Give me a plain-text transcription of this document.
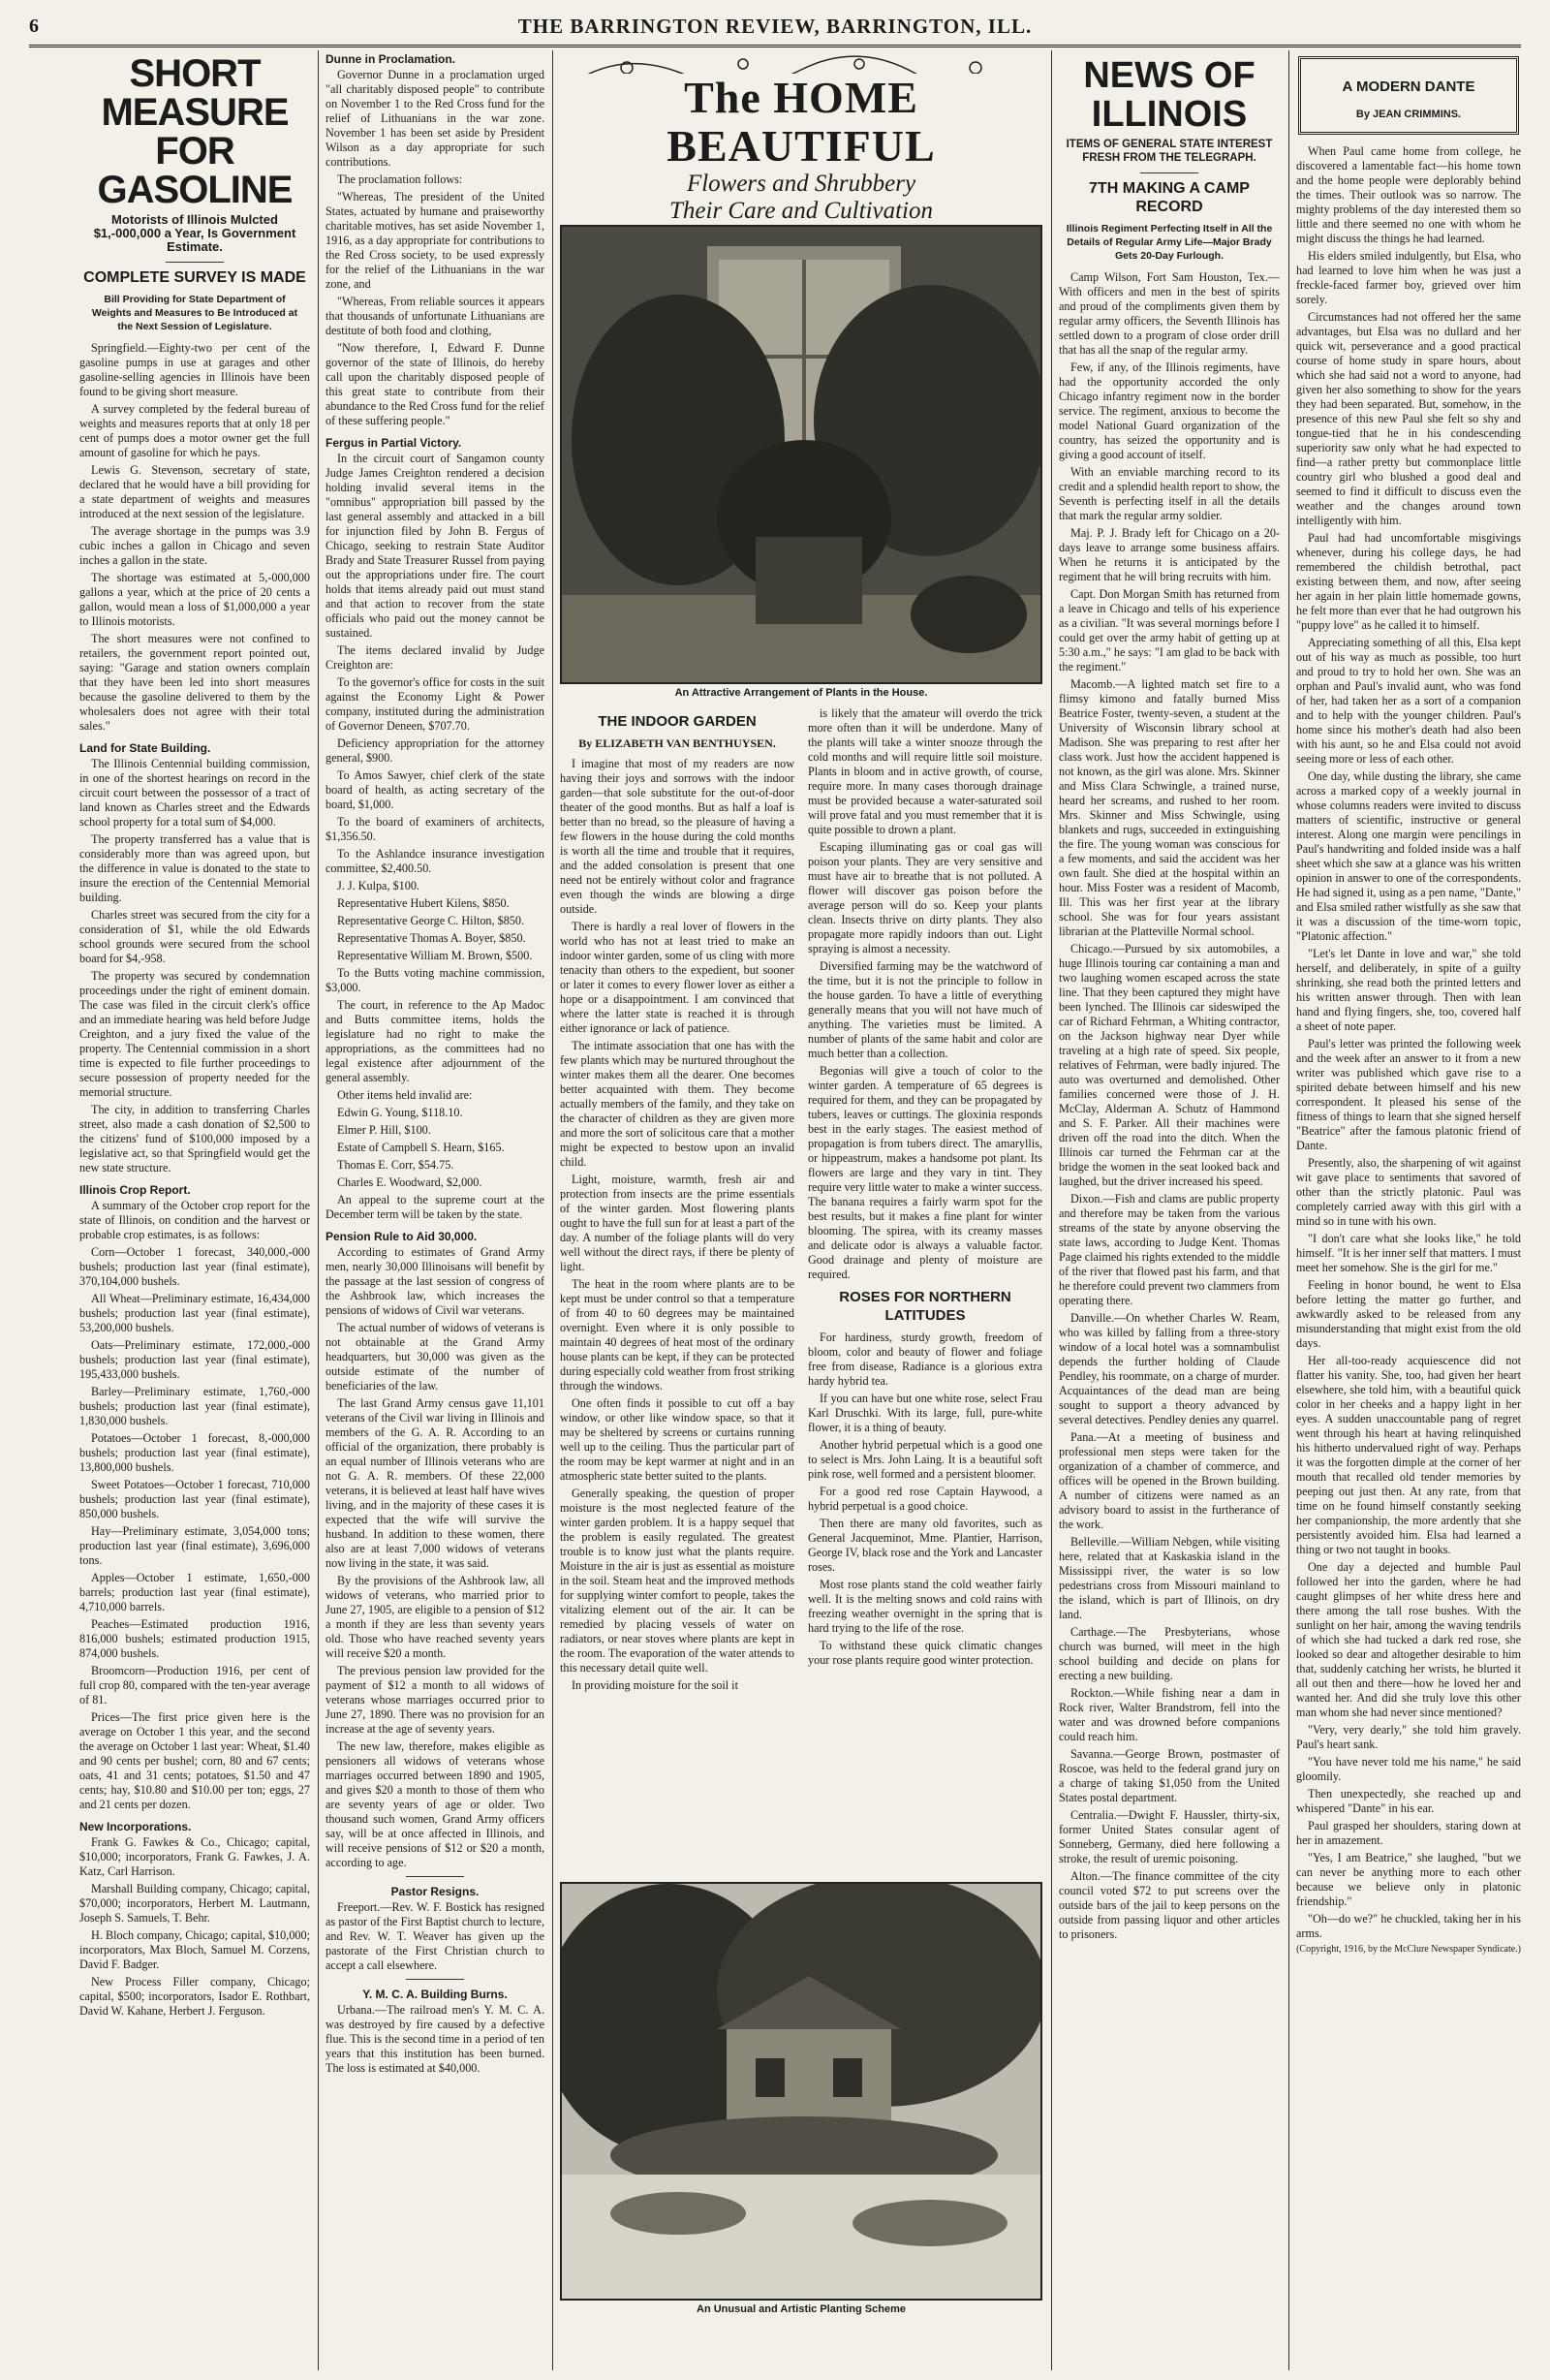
6	THE BARRINGTON REVIEW, BARRINGTON, ILL.
SHORT MEASURE
FOR GASOLINE
Motorists of Illinois Mulcted $1,-000,000 a Year, Is Government Estimate.
COMPLETE SURVEY IS MADE
Bill Providing for State Department of Weights and Measures to Be Introduced at the Next Session of Legislature.

Springfield.—Eighty-two per cent of the gasoline pumps in use at garages and other gasoline-selling agencies in Illinois have been found to be giving short measure.

A survey completed by the federal bureau of weights and measures reports that at only 18 per cent of pumps does a motor owner get the full amount of gasoline for which he pays.

Lewis G. Stevenson, secretary of state, declared that he would have a bill providing for a state department of weights and measures introduced at the next session of the legislature.

The average shortage in the pumps was 3.9 cubic inches a gallon in Chicago and seven inches a gallon in the state.

The shortage was estimated at 5,-000,000 gallons a year, which at the price of 20 cents a gallon, would mean a loss of $1,000,000 a year to Illinois motorists.

The short measures were not confined to retailers, the government report pointed out, saying: "Garage and station owners complain that they have been led into short measures because the gasoline delivered to them by the wholesalers does not agree with their total sales."

Land for State Building.

The Illinois Centennial building commission, in one of the shortest hearings on record in the circuit court between the possessor of a tract of land known as Charles street and the Edwards school property for a total sum of $4,000.

The property transferred has a value that is considerably more than was agreed upon, but the difference in value is donated to the state to insure the erection of the Centennial Memorial building.

Charles street was secured from the city for a consideration of $1, while the old Edwards school grounds were secured from the school board for $4,-958.

The property was secured by condemnation proceedings under the right of eminent domain. The case was filed in the circuit clerk's office and an immediate hearing was held before Judge Creighton, and a jury fixed the value of the property. The Centennial commission in a short time is expected to file further proceedings to secure possession of property needed for the memorial structure.

The city, in addition to transferring Charles street, also made a cash donation of $2,500 to the citizens' fund of $100,000 imposed by a legislative act, so that Springfield would get the new state structure.

Illinois Crop Report.

A summary of the October crop report for the state of Illinois, on condition and the harvest or probable crop estimates, is as follows:

Corn—October 1 forecast, 340,000,-000 bushels; production last year (final estimate), 370,104,000 bushels.

All Wheat—Preliminary estimate, 16,434,000 bushels; production last year (final estimate), 53,200,000 bushels.

Oats—Preliminary estimate, 172,000,-000 bushels; production last year (final estimate), 195,433,000 bushels.

Barley—Preliminary estimate, 1,760,-000 bushels; production last year (final estimate), 1,830,000 bushels.

Potatoes—October 1 forecast, 8,-000,000 bushels; production last year (final estimate), 13,800,000 bushels.

Sweet Potatoes—October 1 forecast, 710,000 bushels; production last year (final estimate), 850,000 bushels.

Hay—Preliminary estimate, 3,054,000 tons; production last year (final estimate), 3,696,000 tons.

Apples—October 1 estimate, 1,650,-000 barrels; production last year (final estimate), 4,710,000 barrels.

Peaches—Estimated production 1916, 816,000 bushels; estimated production 1915, 874,000 bushels.

Broomcorn—Production 1916, per cent of full crop 80, compared with the ten-year average of 81.

Prices—The first price given here is the average on October 1 this year, and the second the average on October 1 last year: Wheat, $1.40 and 90 cents per bushel; corn, 80 and 67 cents; oats, 41 and 31 cents; potatoes, $1.50 and 47 cents; hay, $10.80 and $10.00 per ton; eggs, 27 and 21 cents per dozen.

New Incorporations.

Frank G. Fawkes & Co., Chicago; capital, $10,000; incorporators, Frank G. Fawkes, J. A. Katz, Carl Harrison.

Marshall Building company, Chicago; capital, $70,000; incorporators, Herbert M. Lautmann, Joseph S. Samuels, T. Behr.

H. Bloch company, Chicago; capital, $10,000; incorporators, Max Bloch, Samuel M. Corzens, David F. Badger.

New Process Filler company, Chicago; capital, $500; incorporators, Isador E. Rothbart, David W. Kahane, Herbert J. Ferguson.

Dunne in Proclamation.

Governor Dunne in a proclamation urged "all charitably disposed people" to contribute on November 1 to the Red Cross fund for the relief of Lithuanians in the war zone. November 1 has been set aside by President Wilson as a day appropriate for such contributions.

The proclamation follows:

"Whereas, The president of the United States, actuated by humane and praiseworthy charitable motives, has set aside November 1, 1916, as a day appropriate for contributions to the Red Cross society, to be used expressly for the relief of the Lithuanians in the war zone, and

"Whereas, From reliable sources it appears that thousands of unfortunate Lithuanians are destitute of both food and clothing,

"Now therefore, I, Edward F. Dunne governor of the state of Illinois, do hereby call upon the charitably disposed people of this great state to contribute from their abundance to the Red Cross fund for the relief of these suffering people."

Fergus in Partial Victory.

In the circuit court of Sangamon county Judge James Creighton rendered a decision holding invalid several items in the "omnibus" appropriation bill passed by the last general assembly and attacked in a bill for injunction filed by John B. Fergus of Chicago, seeking to restrain State Auditor Brady and State Treasurer Russel from paying out the appropriations under fire. The court holds that items already paid out must stand and that action to recover from the state officials who paid out the money cannot be sustained.

The items declared invalid by Judge Creighton are:

To the governor's office for costs in the suit against the Economy Light & Power company, instituted during the administration of Governor Deneen, $707.70.

Deficiency appropriation for the attorney general, $900.

To Amos Sawyer, chief clerk of the state board of health, as acting secretary of the board, $1,000.

To the board of examiners of architects, $1,356.50.

To the Ashlandce insurance investigation committee, $2,400.50.

J. J. Kulpa, $100.

Representative Hubert Kilens, $850.

Representative George C. Hilton, $850.

Representative Thomas A. Boyer, $850.

Representative William M. Brown, $500.

To the Butts voting machine commission, $3,000.

The court, in reference to the Ap Madoc and Butts committee items, holds the legislature had no right to make the appropriations, as the committees had no legal existence after adjournment of the general assembly.

Other items held invalid are:

Edwin G. Young, $118.10.

Elmer P. Hill, $100.

Estate of Campbell S. Hearn, $165.

Thomas E. Corr, $54.75.

Charles E. Woodward, $2,000.

An appeal to the supreme court at the December term will be taken by the state.

Pension Rule to Aid 30,000.

According to estimates of Grand Army men, nearly 30,000 Illinoisans will benefit by the passage at the last session of congress of the Ashbrook law, which increases the pensions of widows of Civil war veterans.

The actual number of widows of veterans is not obtainable at the Grand Army headquarters, but 30,000 was given as the outside estimate of the number of beneficiaries of the law.

The last Grand Army census gave 11,101 veterans of the Civil war living in Illinois and members of the G. A. R. According to an official of the organization, there probably is an equal number of Illinois veterans who are not G. A. R. members. Of these 22,000 veterans, it is believed at least half have wives living, and in the majority of these cases it is expected that the wife will survive the husband. In addition to these women, there also are at least 7,000 widows of veterans now living in the state, it was said.

By the provisions of the Ashbrook law, all widows of veterans, who married prior to June 27, 1905, are eligible to a pension of $12 a month if they are less than seventy years old. Those who have reached seventy years will receive $20 a month.

The previous pension law provided for the payment of $12 a month to all widows of veterans whose marriages occurred prior to June 27, 1890. There was no provision for an increase at the age of seventy years.

The new law, therefore, makes eligible as pensioners all widows of veterans whose marriages occurred between 1890 and 1905, and gives $20 a month to those of them who are seventy years of age or older. Two thousand such women, Grand Army officers say, will be at once affected in Illinois, and will receive pensions of $12 or $20 a month, according to age.

Pastor Resigns.

Freeport.—Rev. W. F. Bostick has resigned as pastor of the First Baptist church to lecture, and Rev. W. T. Weaver has given up the pastorate of the First Christian church to accept a call elsewhere.

Y. M. C. A. Building Burns.

Urbana.—The railroad men's Y. M. C. A. was destroyed by fire caused by a defective flue. This is the second time in a period of ten years that this institution has been burned. The loss is estimated at $40,000.

The HOME BEAUTIFUL
Flowers and Shrubbery
Their Care and Cultivation
An Attractive Arrangement of Plants in the House.
THE INDOOR GARDEN
By ELIZABETH VAN BENTHUYSEN.

I imagine that most of my readers are now having their joys and sorrows with the indoor garden—that sole substitute for the out-of-door theater of the good months. But as half a loaf is better than no bread, so the pleasure of having a few flowers in the house during the cold months is worth all the time and trouble that it requires, and the added consolation is present that one need not be entirely without color and fragrance even though the winds are blowing a dirge outside.

There is hardly a real lover of flowers in the world who has not at least tried to make an indoor winter garden, some of us cling with more tenacity than others to the expedient, but sooner or later it comes to every flower lover as either a hope or a disappointment. I am convinced that where the latter state is reached it is through either ignorance or lack of patience.

The intimate association that one has with the few plants which may be nurtured throughout the winter makes them all the dearer. One becomes better acquainted with them. They become actually members of the family, and they take on the character of children as they are given more and more the sort of solicitous care that a mother might be expected to bestow upon an invalid child.

Light, moisture, warmth, fresh air and protection from insects are the prime essentials of the winter garden. Most flowering plants ought to have the full sun for at least a part of the day. A number of the foliage plants will do very well without the direct rays, if there be plenty of light.

The heat in the room where plants are to be kept must be under control so that a temperature of from 40 to 60 degrees may be maintained overnight. Even where it is only possible to maintain 40 degrees of heat most of the ordinary house plants can be kept, if they can be protected during especially cold weather from frost striking through the windows.

One often finds it possible to cut off a bay window, or other like window space, so that it may be sheltered by screens or curtains running well up to the ceiling. Thus the particular part of the room may be kept warmer at night and in an atmospheric state better suited to the plants.

Generally speaking, the question of proper moisture is the most neglected feature of the winter garden problem. It is a happy sequel that the problem is easily regulated. The greatest trouble is to know just what the plants require. Moisture in the air is just as essential as moisture in the soil. Steam heat and the improved methods for supplying winter comfort to people, takes the vitalizing element out of the air. It can be remedied by placing vessels of water on radiators, or near stoves where plants are kept in the room. The evaporation of the water attends to this necessary detail quite well.

In providing moisture for the soil it

is likely that the amateur will overdo the trick more often than it will be underdone. Many of the plants will take a winter snooze through the cold months and will require little soil moisture. Plants in bloom and in active growth, of course, require more. In many cases thorough drainage must be provided because a water-saturated soil will prove fatal and you must remember that it is quite possible to drown a plant.

Escaping illuminating gas or coal gas will poison your plants. They are very sensitive and must have air to breathe that is not polluted. A flower will discover gas poison before the average person will do so. Keep your plants clean. Insects thrive on dirty plants. They also propagate more rapidly indoors than out. Light spraying is almost a necessity.

Diversified farming may be the watchword of the time, but it is not the principle to follow in the house garden. To have a little of everything generally means that you will not have much of anything. The varieties must be limited. A number of plants of the same habit and color are much better than a collection.

Begonias will give a touch of color to the winter garden. A temperature of 65 degrees is required for them, and they can be propagated by tubers, leaves or cuttings. The gloxinia responds best in the early stages. The easiest method of propagation is from tubers direct. The amaryllis, or hippeastrum, makes a handsome pot plant. Its flowers are large and they vary in tint. They require very little water to make a winter success. The banana requires a fairly warm spot for the best results, but it makes a fine plant for winter blooming. The spirea, with its creamy masses and delicate odor is always a valuable factor. Good drainage and plenty of moisture are required.

ROSES FOR NORTHERN LATITUDES

For hardiness, sturdy growth, freedom of bloom, color and beauty of flower and foliage free from disease, Radiance is a glorious extra hardy hybrid tea.

If you can have but one white rose, select Frau Karl Druschki. With its large, full, pure-white flower, it is a thing of beauty.

Another hybrid perpetual which is a good one to select is Mrs. John Laing. It is a beautiful soft pink rose, well formed and a persistent bloomer.

For a good red rose Captain Haywood, a hybrid perpetual is a good choice.

Then there are many old favorites, such as General Jacqueminot, Mme. Plantier, Harrison, George IV, black rose and the York and Lancaster roses.

Most rose plants stand the cold weather fairly well. It is the melting snows and cold rains with freezing weather overnight in the spring that is hard trying to the life of the rose.

To withstand these quick climatic changes your rose plants require good winter protection.

An Unusual and Artistic Planting Scheme
NEWS OF ILLINOIS
ITEMS OF GENERAL STATE INTEREST FRESH FROM THE TELEGRAPH.
7TH MAKING A CAMP RECORD
Illinois Regiment Perfecting Itself in All the Details of Regular Army Life—Major Brady Gets 20-Day Furlough.

Camp Wilson, Fort Sam Houston, Tex.—With officers and men in the best of spirits and proud of the compliments given them by regular army officers, the Seventh Illinois has settled down to a program of close order drill that has all the snap of the regular army.

Few, if any, of the Illinois regiments, have had the opportunity accorded the only Chicago infantry regiment now in the border service. The regiment, anxious to become the model National Guard organization of the country, has seized the opportunity and is giving a good account of itself.

With an enviable marching record to its credit and a splendid health report to show, the Seventh is perfecting itself in all the details that mark the regular army soldier.

Maj. P. J. Brady left for Chicago on a 20-days leave to arrange some business affairs. When he returns it is anticipated by the regiment that he will bring recruits with him.

Capt. Don Morgan Smith has returned from a leave in Chicago and tells of his experience as a civilian. "It was several mornings before I could get over the army habit of getting up at 5:30 a.m.," he says: "I am glad to be back with the regiment."

Macomb.—A lighted match set fire to a flimsy kimono and fatally burned Miss Beatrice Foster, twenty-seven, a student at the University of Wisconsin library school at Madison. She was preparing to rest after her class work. Just how the accident happened is not known, as the girl was alone. Mrs. Skinner and Miss Clara Schwingle, a trained nurse, heard her screams, and rushed to her room. Mrs. Skinner and Miss Schwingle, using blankets and rugs, succeeded in extinguishing the fire. The young woman was conscious for a few moments, and said the accident was her own fault. She died at the hospital within an hour. Miss Foster was a resident of Macomb, Ill. This was her first year at the library school. She was for four years assistant librarian at the Platteville Normal school.

Chicago.—Pursued by six automobiles, a huge Illinois touring car containing a man and two laughing women escaped across the state line. That they been captured they might have been lynched. The Illinois car sideswiped the car of Richard Fehrman, a Whiting contractor, on the Jackson highway near Dyer while traveling at a high rate of speed. Six people, relatives of Fehrman, were badly injured. The auto was overturned and demolished. Other families concerned were those of J. H. McClay, Alderman A. Schutz of Hammond and S. F. Parker. All their machines were driven off the road into the ditch. When the Illinois car turned the Fehrman car at the bridge the women in the seat looked back and laughed, but the driver increased his speed.

Dixon.—Fish and clams are public property and therefore may be taken from the various streams of the state by anyone observing the state laws, according to Judge Kent. Thomas Page claimed his rights extended to the middle of the river that flowed past his farm, and that he therefore could prevent two clammers from operating there.

Danville.—On whether Charles W. Ream, who was killed by falling from a three-story window of a local hotel was a somnambulist depends the further holding of Claude Pendley, his roommate, on a charge of murder. Acquaintances of the dead man are being sought to support a theory advanced by several detectives. Pendley denies any quarrel.

Pana.—At a meeting of business and professional men steps were taken for the organization of a chamber of commerce, and offices will be opened in the Brown building. A number of citizens were named as an advisory board to assist in the furtherance of the work.

Belleville.—William Nebgen, while visiting here, related that at Kaskaskia island in the Mississippi river, the water is so low pedestrians cross from Missouri mainland to the island, which is part of Illinois, on dry land.

Carthage.—The Presbyterians, whose church was burned, will meet in the high school building and decide on plans for erecting a new building.

Rockton.—While fishing near a dam in Rock river, Walter Brandstrom, fell into the water and was drowned before companions could reach him.

Savanna.—George Brown, postmaster of Roscoe, was held to the federal grand jury on a charge of taking $1,050 from the United States postal department.

Centralia.—Dwight F. Haussler, thirty-six, former United States consular agent of Sonneberg, Germany, died here following a stroke, the result of uremic poisoning.

Alton.—The finance committee of the city council voted $72 to put screens over the outside bars of the jail to keep persons on the outside from passing liquor and other articles to prisoners.

A MODERN DANTE
By JEAN CRIMMINS.

When Paul came home from college, he discovered a lamentable fact—his home town and the home people were deplorably behind the times. Their outlook was so narrow. The mighty problems of the day interested them so little and there seemed no one with whom he might discuss the things he had learned.

His elders smiled indulgently, but Elsa, who had learned to love him when he was just a freckle-faced farmer boy, grieved over him sorely.

Circumstances had not offered her the same advantages, but Elsa was no dullard and her quick wit, perseverance and a good practical course of home study in spare hours, about which she had said not a word to anyone, had given her also something to show for the years they had been separated. But, somehow, in the presence of this new Paul she felt so shy and tongue-tied that he in his condescending superiority saw only what he had expected to find—a rather pretty but commonplace little country girl who blushed a good deal and seemed to find it difficult to discuss even the weather and the changes around town intelligently with him.

Paul had had uncomfortable misgivings whenever, during his college days, he had remembered the childish betrothal, pact existing between them, and now, after seeing her again in her plain little homemade gowns, he felt more than ever that he had outgrown his "puppy love" as he called it to himself.

Appreciating something of all this, Elsa kept out of his way as much as possible, too hurt and proud to try to hold her own. She was an orphan and Paul's invalid aunt, who was fond of her, had taken her as a sort of a companion and to help with the younger children. Paul's home since his mother's death had also been with his aunt, so he and Elsa could not avoid seeing more or less of each other.

One day, while dusting the library, she came across a marked copy of a weekly journal in whose columns readers were invited to discuss matters of scientific, instructive or general interest. Along one margin were pencilings in Paul's handwriting and folded inside was a half sheet which she saw at a glance was his written opinion in answer to one of the correspondents. He had signed it, using as a pen name, "Dante," and Elsa smiled rather wistfully as she saw that it was a discussion of the time-worn topic, "Platonic affection."

"Let's let Dante in love and war," she told herself, and deliberately, in spite of a guilty shrinking, she read both the printed letters and his written answer through. Then with lean hand and flying fingers, she, too, covered half a sheet of note paper.

Paul's letter was printed the following week and the week after an answer to it from a new writer was published which gave rise to a spirited debate between himself and his new correspondent. It pleased his sense of the fitness of things to learn that she signed herself "Beatrice" after the famous platonic friend of Dante.

Presently, also, the sharpening of wit against wit gave place to sentiments that savored of other than the strictly platonic. Paul was completely carried away with this girl with a mind so in tune with his own.

"I don't care what she looks like," he told himself. "It is her inner self that matters. I must meet her somehow. She is the girl for me."

Feeling in honor bound, he went to Elsa before letting the matter go further, and awkwardly asked to be released from any misunderstanding that might exist from the old days.

Her all-too-ready acquiescence did not flatter his vanity. She, too, had given her heart elsewhere, she told him, with a beautiful quick color in her cheeks and a happy light in her eyes. A sudden unaccountable pang of regret went through his heart at having relinquished his hitherto undervalued right of way. Perhaps it was the forgotten dimple at the corner of her mouth that recalled old tender memories by peeping out just then. At any rate, from that time on he found himself constantly seeking her companionship, the more ardently that she persistently avoided him. Elsa had learned a thing or two not taught in books.

One day a dejected and humble Paul followed her into the garden, where he had caught glimpses of her white dress here and there among the tall rose bushes. With the sunlight on her hair, among the waving tendrils of which she had tucked a dark red rose, she looked so dear and altogether desirable to him that, suddenly catching her wrists, he blurted it all out then and there—how he loved her and wanted her. And did she truly love this other man whom she had never since mentioned?

"Very, very dearly," she told him gravely. Paul's heart sank.

"You have never told me his name," he said gloomily.

Then unexpectedly, she reached up and whispered "Dante" in his ear.

Paul grasped her shoulders, staring down at her in amazement.

"Yes, I am Beatrice," she laughed, "but we can never be anything more to each other because we believe only in platonic friendship."

"Oh—do we?" he chuckled, taking her in his arms.

(Copyright, 1916, by the McClure Newspaper Syndicate.)
